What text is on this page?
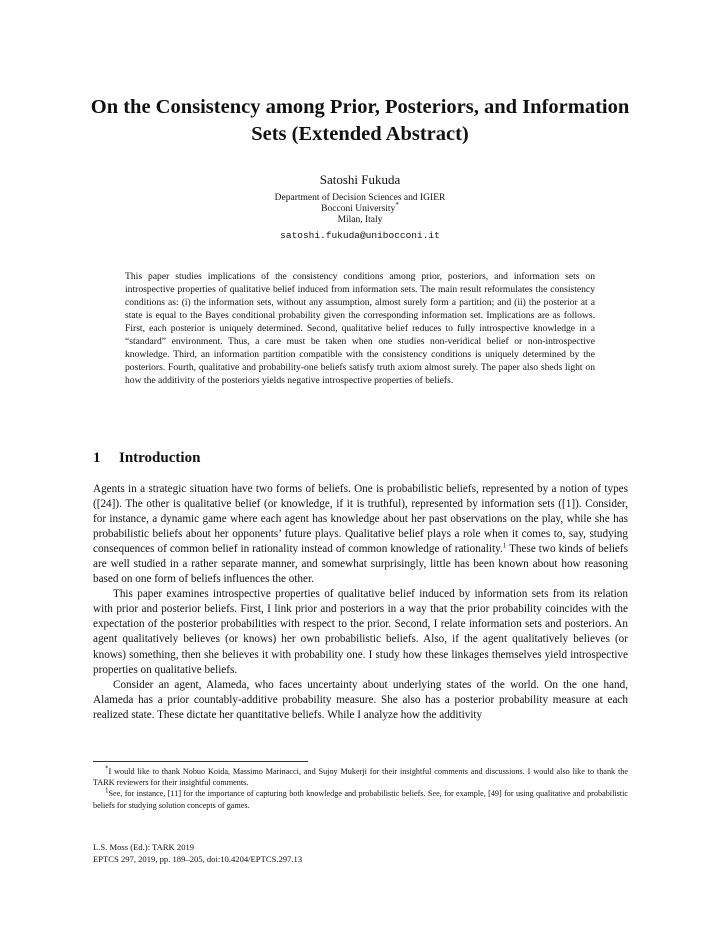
On the Consistency among Prior, Posteriors, and Information
Sets (Extended Abstract)
Satoshi Fukuda
Department of Decision Sciences and IGIER
Bocconi University*
Milan, Italy
satoshi.fukuda@unibocconi.it
This paper studies implications of the consistency conditions among prior, posteriors, and information sets on introspective properties of qualitative belief induced from information sets. The main result reformulates the consistency conditions as: (i) the information sets, without any assumption, almost surely form a partition; and (ii) the posterior at a state is equal to the Bayes conditional probability given the corresponding information set. Implications are as follows. First, each posterior is uniquely determined. Second, qualitative belief reduces to fully introspective knowledge in a “standard” environment. Thus, a care must be taken when one studies non-veridical belief or non-introspective knowledge. Third, an information partition compatible with the consistency conditions is uniquely determined by the posteriors. Fourth, qualitative and probability-one beliefs satisfy truth axiom almost surely. The paper also sheds light on how the additivity of the posteriors yields negative introspective properties of beliefs.
1 Introduction

Agents in a strategic situation have two forms of beliefs. One is probabilistic beliefs, represented by a notion of types ([24]). The other is qualitative belief (or knowledge, if it is truthful), represented by information sets ([1]). Consider, for instance, a dynamic game where each agent has knowledge about her past observations on the play, while she has probabilistic beliefs about her opponents’ future plays. Qualitative belief plays a role when it comes to, say, studying consequences of common belief in rationality instead of common knowledge of rationality.$^1$ These two kinds of beliefs are well studied in a rather separate manner, and somewhat surprisingly, little has been known about how reasoning based on one form of beliefs influences the other.

This paper examines introspective properties of qualitative belief induced by information sets from its relation with prior and posterior beliefs. First, I link prior and posteriors in a way that the prior probability coincides with the expectation of the posterior probabilities with respect to the prior. Second, I relate information sets and posteriors. An agent qualitatively believes (or knows) her own probabilistic beliefs. Also, if the agent qualitatively believes (or knows) something, then she believes it with probability one. I study how these linkages themselves yield introspective properties on qualitative beliefs.

Consider an agent, Alameda, who faces uncertainty about underlying states of the world. On the one hand, Alameda has a prior countably-additive probability measure. She also has a posterior probability measure at each realized state. These dictate her quantitative beliefs. While I analyze how the additivity

*I would like to thank Nobuo Koida, Massimo Marinacci, and Sujoy Mukerji for their insightful comments and discussions. I would also like to thank the TARK reviewers for their insightful comments.

$^1$See, for instance, [11] for the importance of capturing both knowledge and probabilistic beliefs. See, for example, [49] for using qualitative and probabilistic beliefs for studying solution concepts of games.

L.S. Moss (Ed.): TARK 2019
EPTCS 297, 2019, pp. 189–205, doi:10.4204/EPTCS.297.13
